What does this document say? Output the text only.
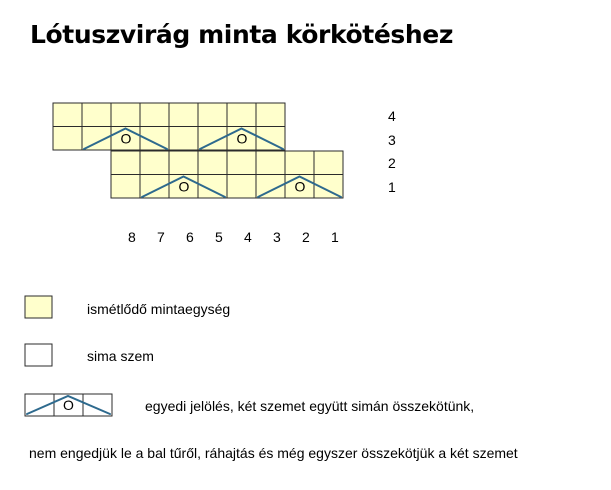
Lótuszvirág minta körkötéshez
O	O
O	O
4
3
2
1
8 7 6 5 4 3 2 1
O
ismétlődő mintaegység
sima szem
egyedi jelölés, két szemet együtt simán összekötünk,
nem engedjük le a bal tűről, ráhajtás és még egyszer összekötjük a két szemet
